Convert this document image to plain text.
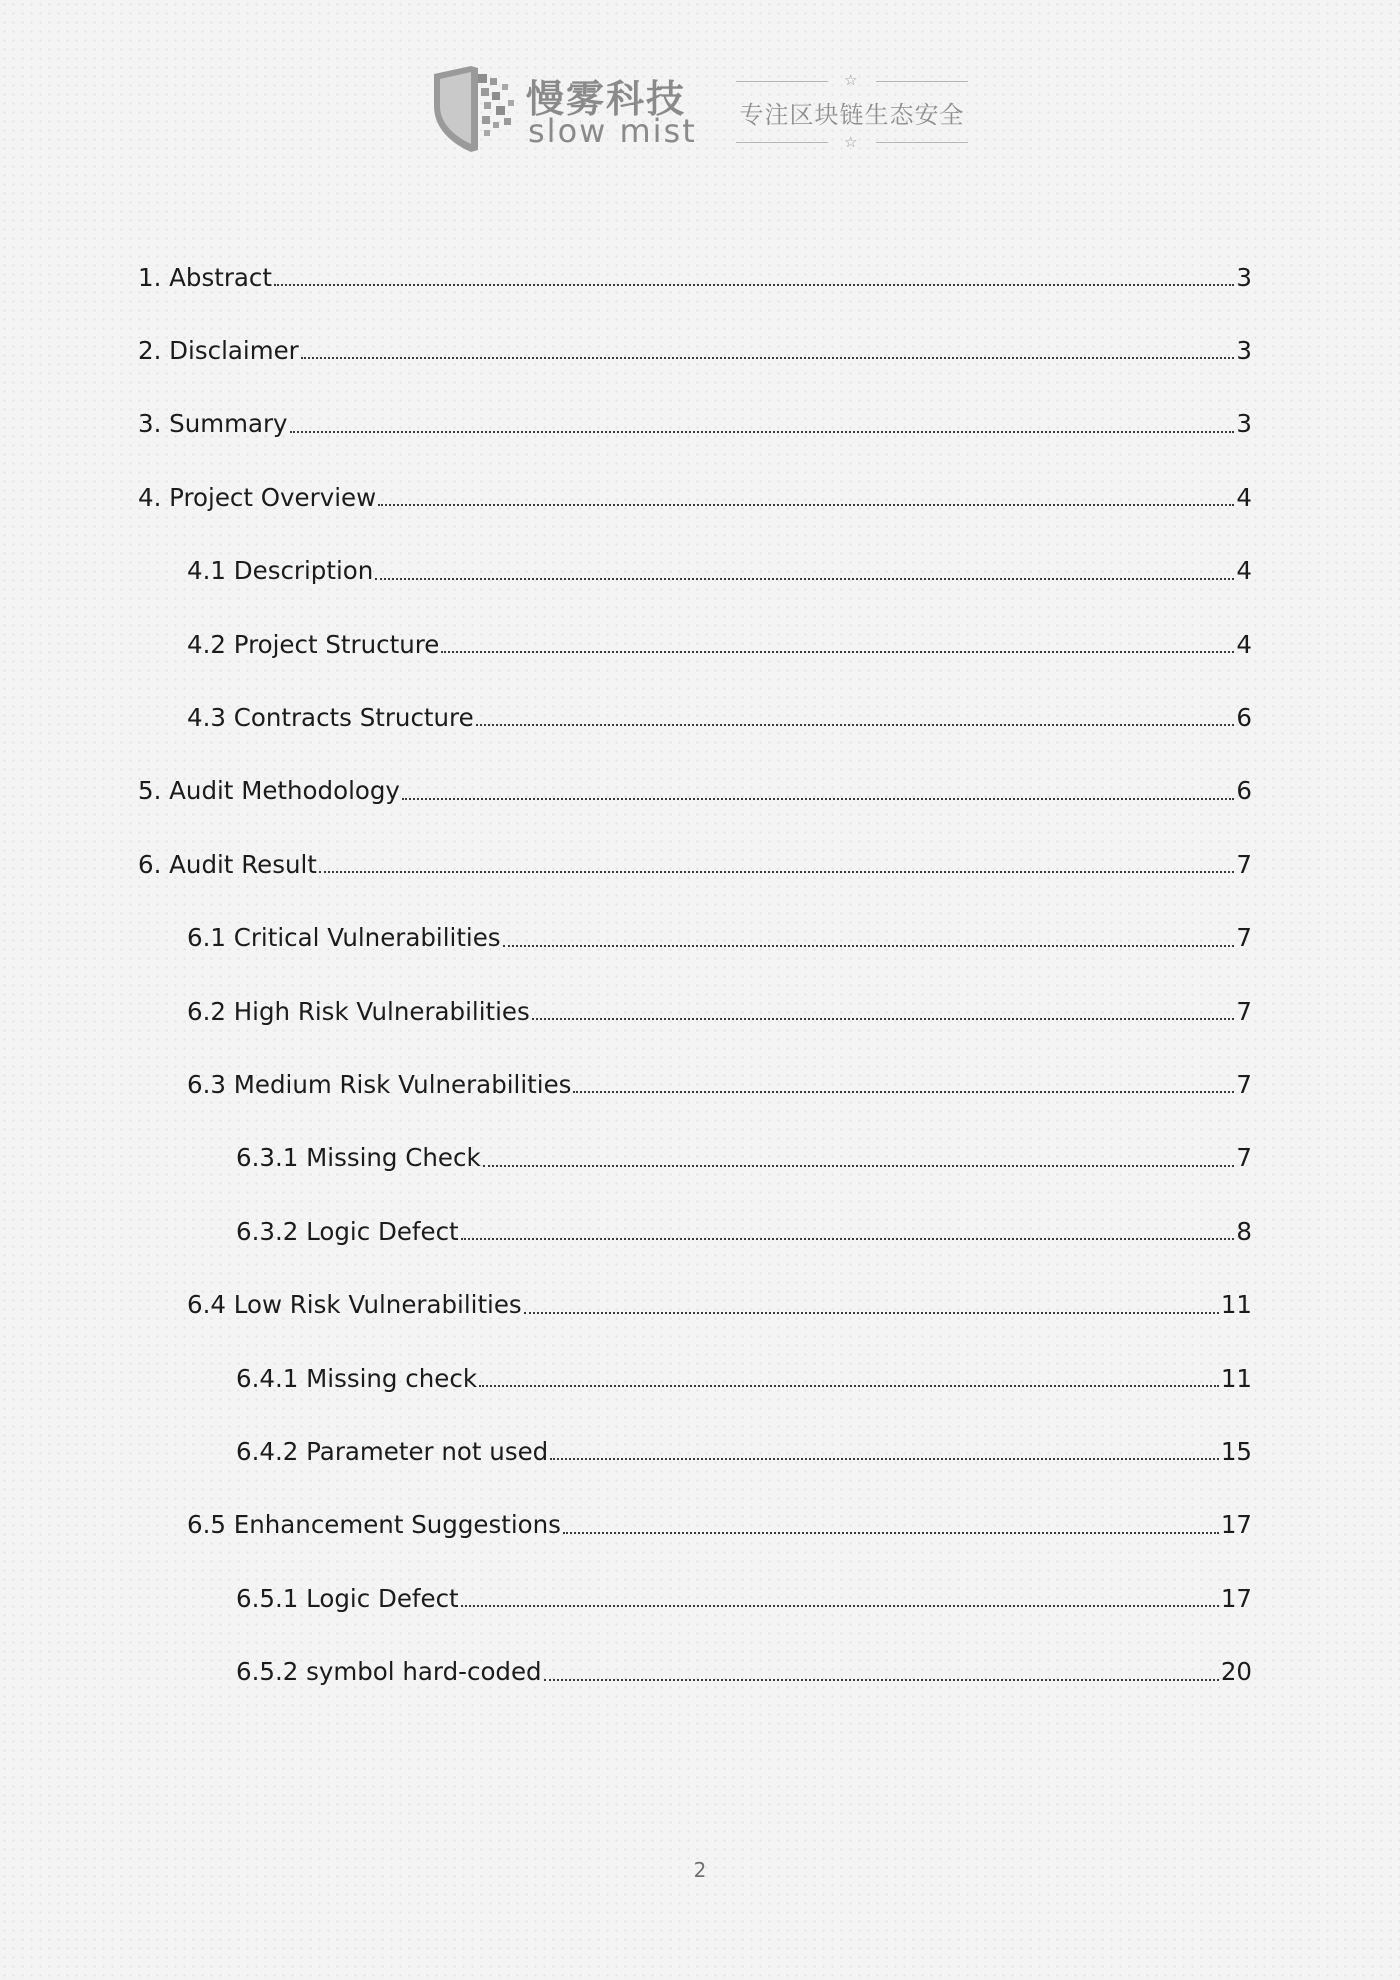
慢雾科技
slow mist
☆
专注区块链生态安全
☆
1. Abstract	3
2. Disclaimer	3
3. Summary	3
4. Project Overview	4
4.1 Description	4
4.2 Project Structure	4
4.3 Contracts Structure	6
5. Audit Methodology	6
6. Audit Result	7
6.1 Critical Vulnerabilities	7
6.2 High Risk Vulnerabilities	7
6.3 Medium Risk Vulnerabilities	7
6.3.1 Missing Check	7
6.3.2 Logic Defect	8
6.4 Low Risk Vulnerabilities	11
6.4.1 Missing check	11
6.4.2 Parameter not used	15
6.5 Enhancement Suggestions	17
6.5.1 Logic Defect	17
6.5.2 symbol hard-coded	20
2
